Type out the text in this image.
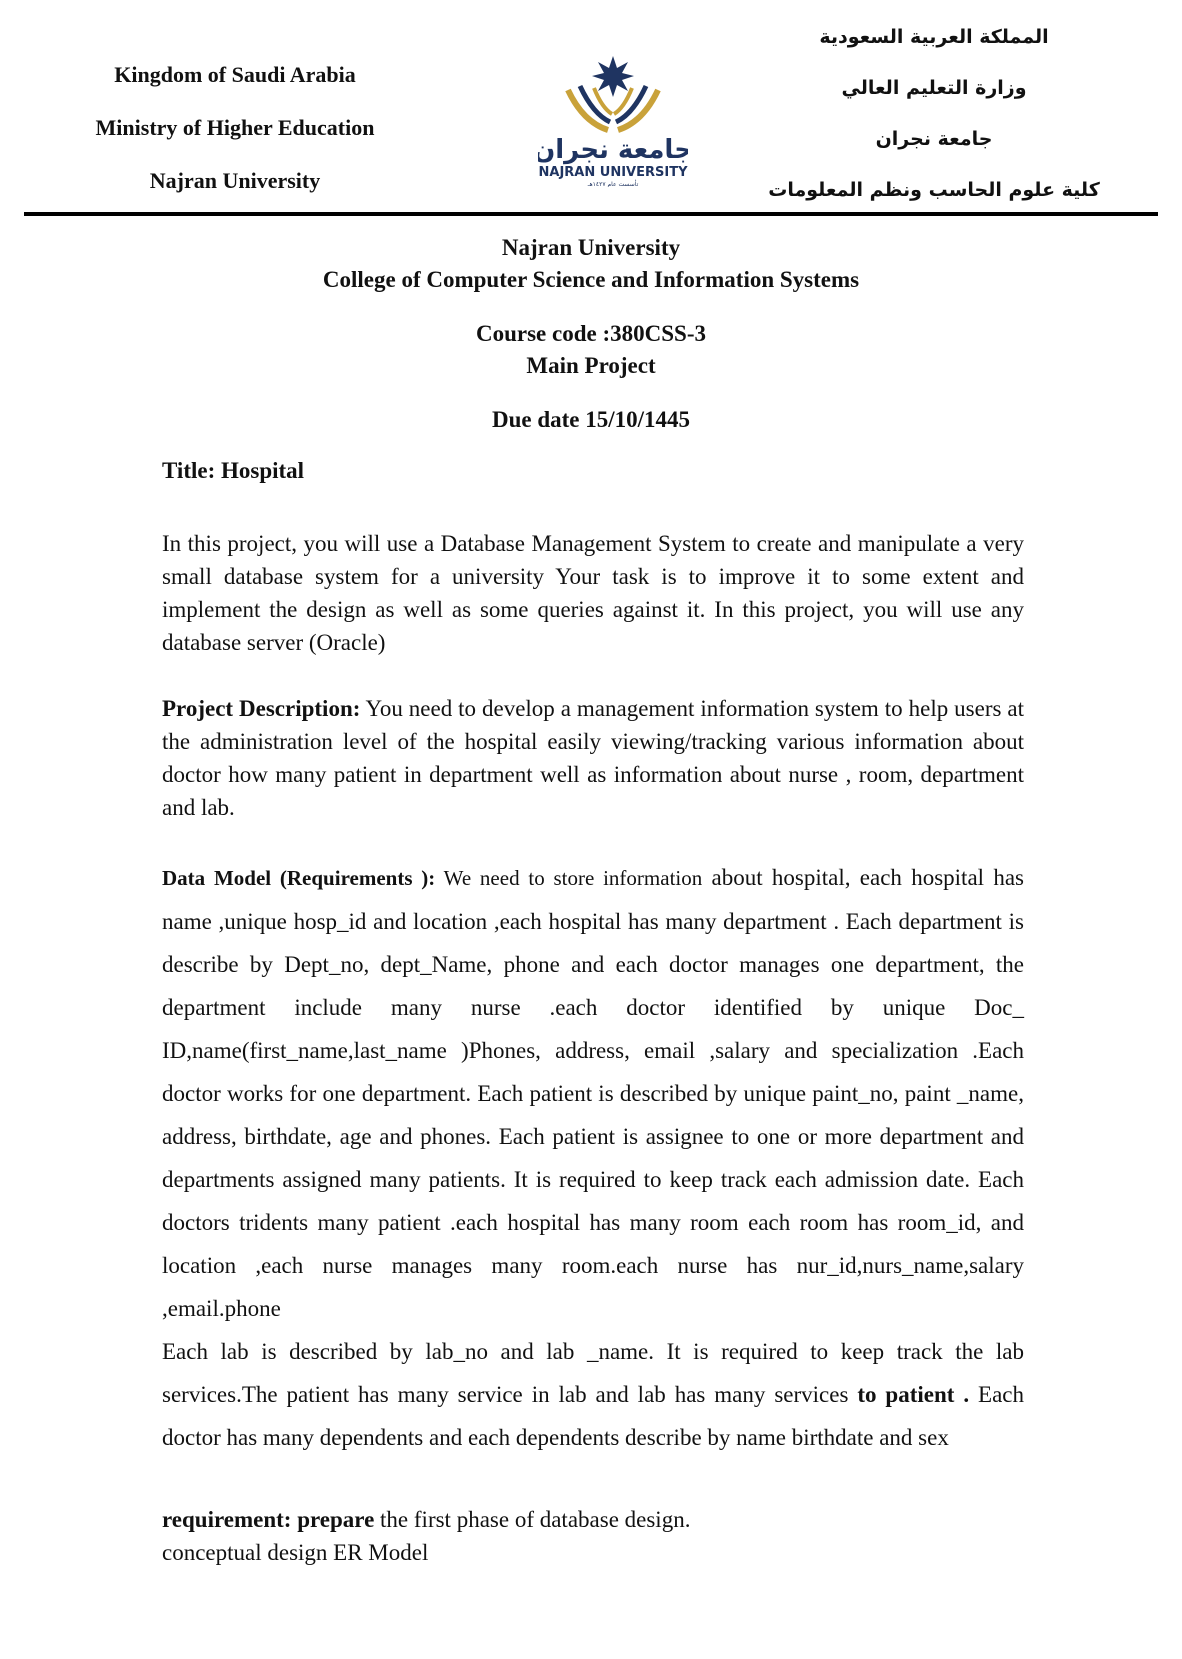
Kingdom of Saudi Arabia
Ministry of Higher Education
Najran University
جامعة نجران
NAJRAN UNIVERSITY
تأسست عام ١٤٢٧هـ
المملكة العربية السعودية
وزارة التعليم العالي
جامعة نجران
كلية علوم الحاسب ونظم المعلومات
Najran University
College of Computer Science and Information Systems
Course code :380CSS-3
Main Project
Due date 15/10/1445
Title: Hospital
In this project, you will use a Database Management System to create and manipulate a very small database system for a university Your task is to improve it to some extent and implement the design as well as some queries against it. In this project, you will use any database server (Oracle)
Project Description: You need to develop a management information system to help users at the administration level of the hospital easily viewing/tracking various information about doctor how many patient in department well as information about nurse , room, department and lab.
Data Model (Requirements ): We need to store information about hospital, each hospital has name ,unique hosp_id and location ,each hospital has many department . Each department is describe by Dept_no, dept_Name, phone and each doctor manages one department, the department include many nurse .each doctor identified by unique Doc_ ID,name(first_name,last_name )Phones, address, email ,salary and specialization .Each doctor works for one department. Each patient is described by unique paint_no, paint _name, address, birthdate, age and phones. Each patient is assignee to one or more department and departments assigned many patients. It is required to keep track each admission date. Each doctors tridents many patient .each hospital has many room each room has room_id, and location ,each nurse manages many room.each nurse has nur_id,nurs_name,salary ,email.phone
Each lab is described by lab_no and lab _name. It is required to keep track the lab services.The patient has many service in lab and lab has many services to patient . Each doctor has many dependents and each dependents describe by name birthdate and sex
requirement: prepare the first phase of database design.
conceptual design ER Model
